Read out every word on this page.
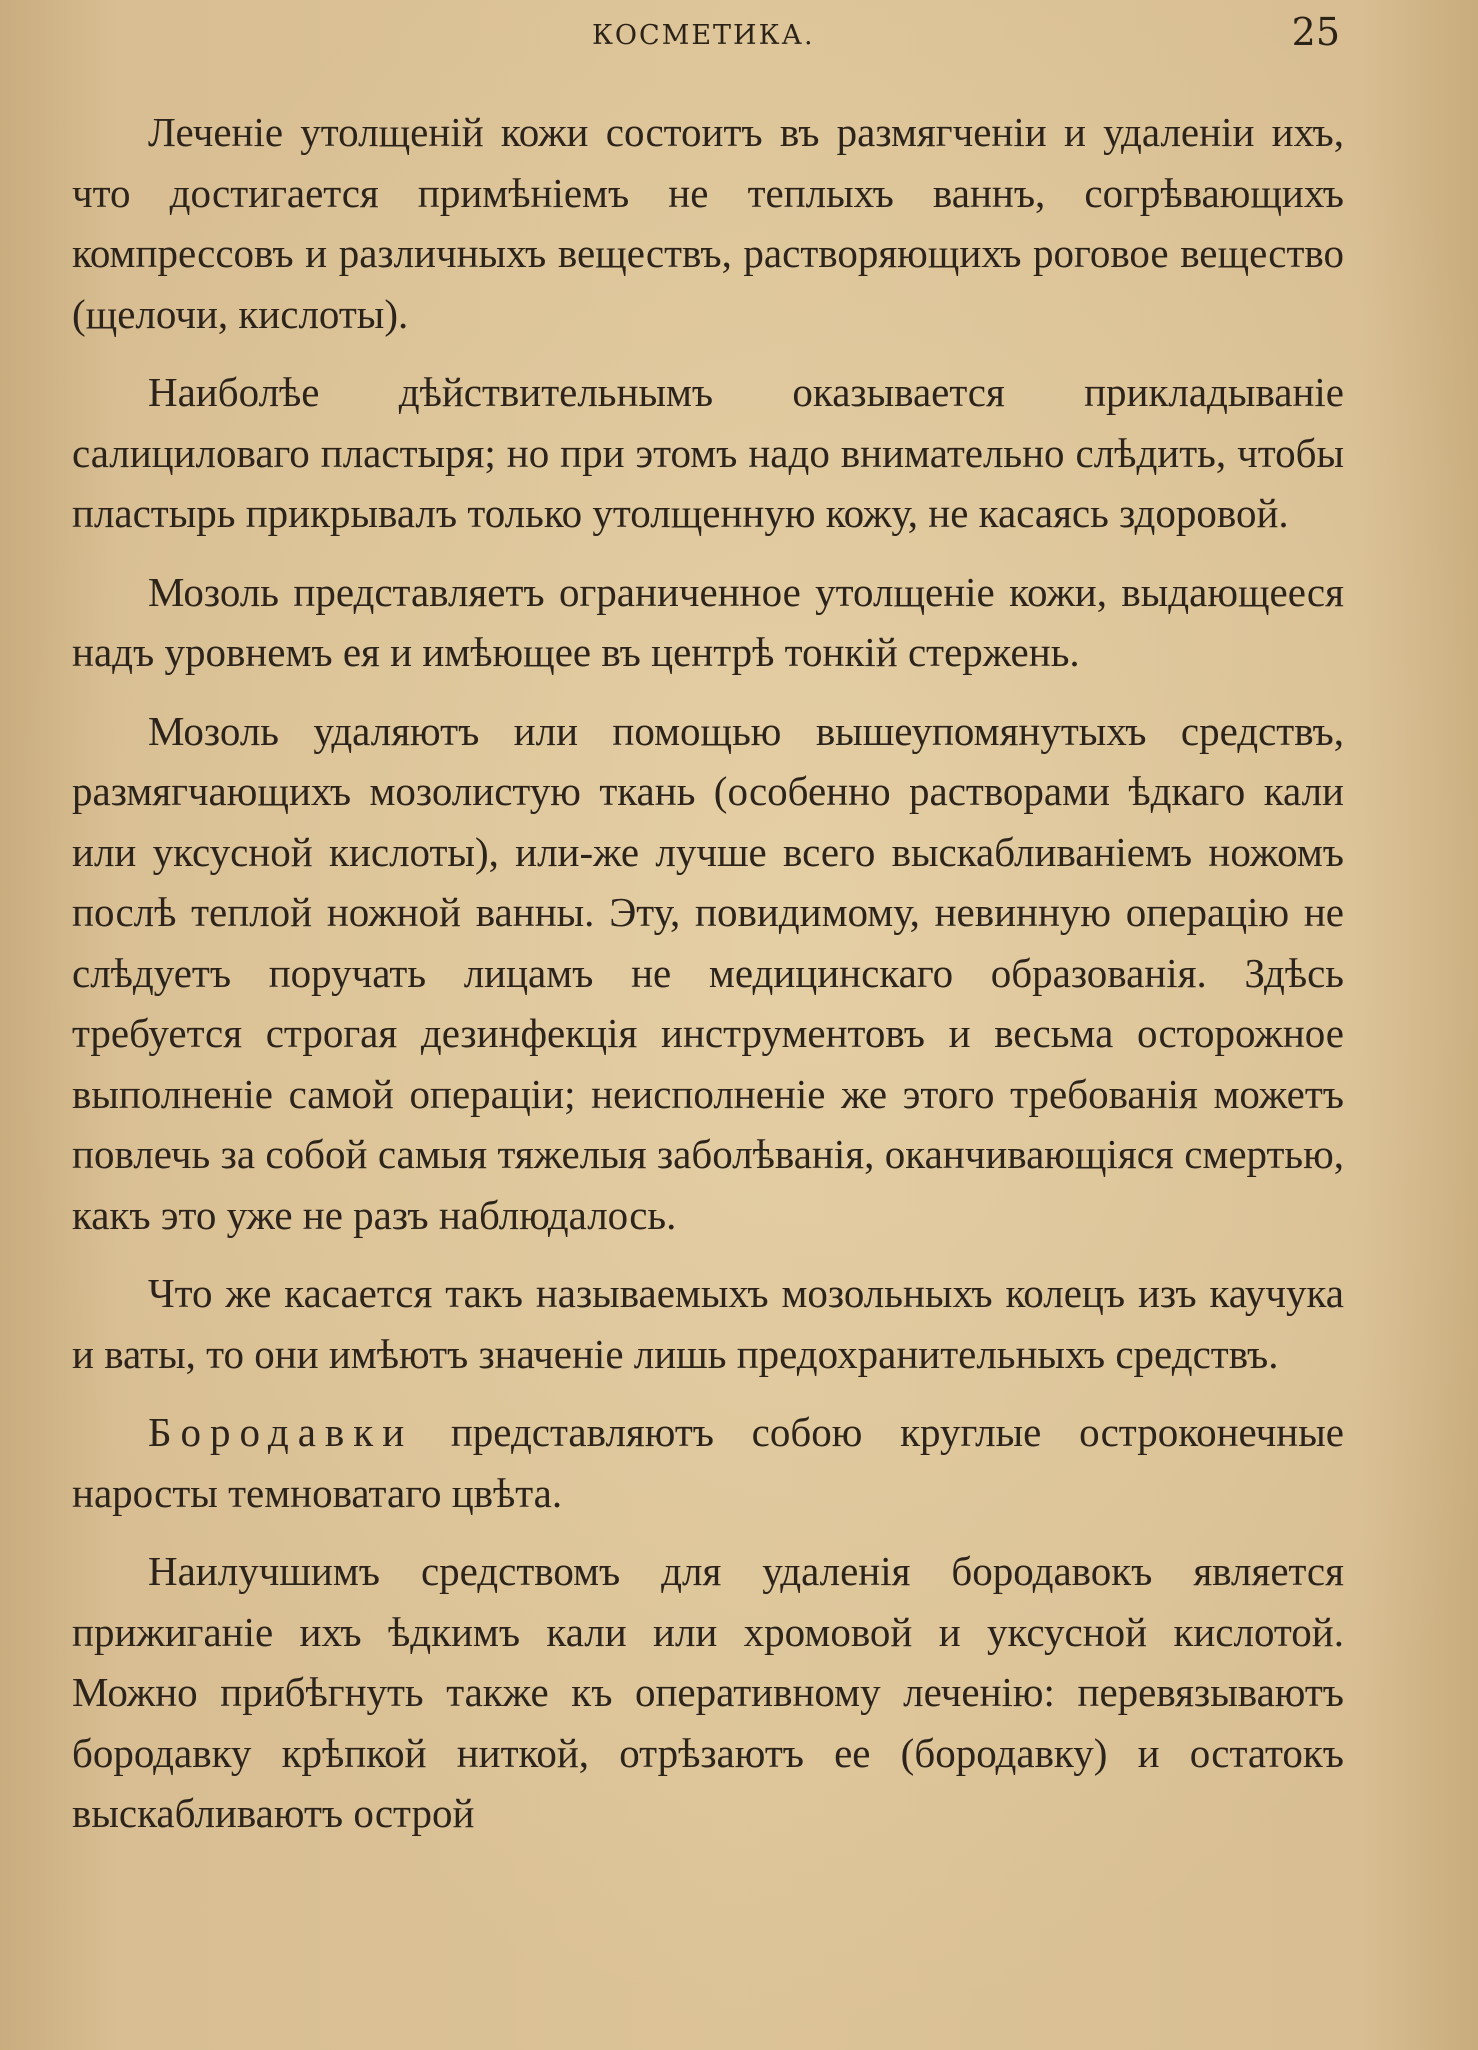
КОСМЕТИКА.	25

Леченіе утолщеній кожи состоитъ въ размягченіи и удаленіи ихъ, что достигается примѣніемъ не теплыхъ ваннъ, согрѣвающихъ компрессовъ и различныхъ веществъ, растворяющихъ роговое вещество (щелочи, кислоты).

Наиболѣе дѣйствительнымъ оказывается прикладываніе салициловаго пластыря; но при этомъ надо внимательно слѣдить, чтобы пластырь прикрывалъ только утолщенную кожу, не касаясь здоровой.

Мозоль представляетъ ограниченное утолщеніе кожи, выдающееся надъ уровнемъ ея и имѣющее въ центрѣ тонкій стержень.

Мозоль удаляютъ или помощью вышеупомянутыхъ средствъ, размягчающихъ мозолистую ткань (особенно растворами ѣдкаго кали или уксусной кислоты), или-же лучше всего выскабливаніемъ ножомъ послѣ теплой ножной ванны. Эту, повидимому, невинную операцію не слѣдуетъ поручать лицамъ не медицинскаго образованія. Здѣсь требуется строгая дезинфекція инструментовъ и весьма осторожное выполненіе самой операціи; неисполненіе же этого требованія можетъ повлечь за собой самыя тяжелыя заболѣванія, оканчивающіяся смертью, какъ это уже не разъ наблюдалось.

Что же касается такъ называемыхъ мозольныхъ колецъ изъ каучука и ваты, то они имѣютъ значеніе лишь предохранительныхъ средствъ.

Бородавки представляютъ собою круглые остроконечные наросты темноватаго цвѣта.

Наилучшимъ средствомъ для удаленія бородавокъ является прижиганіе ихъ ѣдкимъ кали или хромовой и уксусной кислотой. Можно прибѣгнуть также къ оперативному леченію: перевязываютъ бородавку крѣпкой ниткой, отрѣзаютъ ее (бородавку) и остатокъ выскабливаютъ острой
